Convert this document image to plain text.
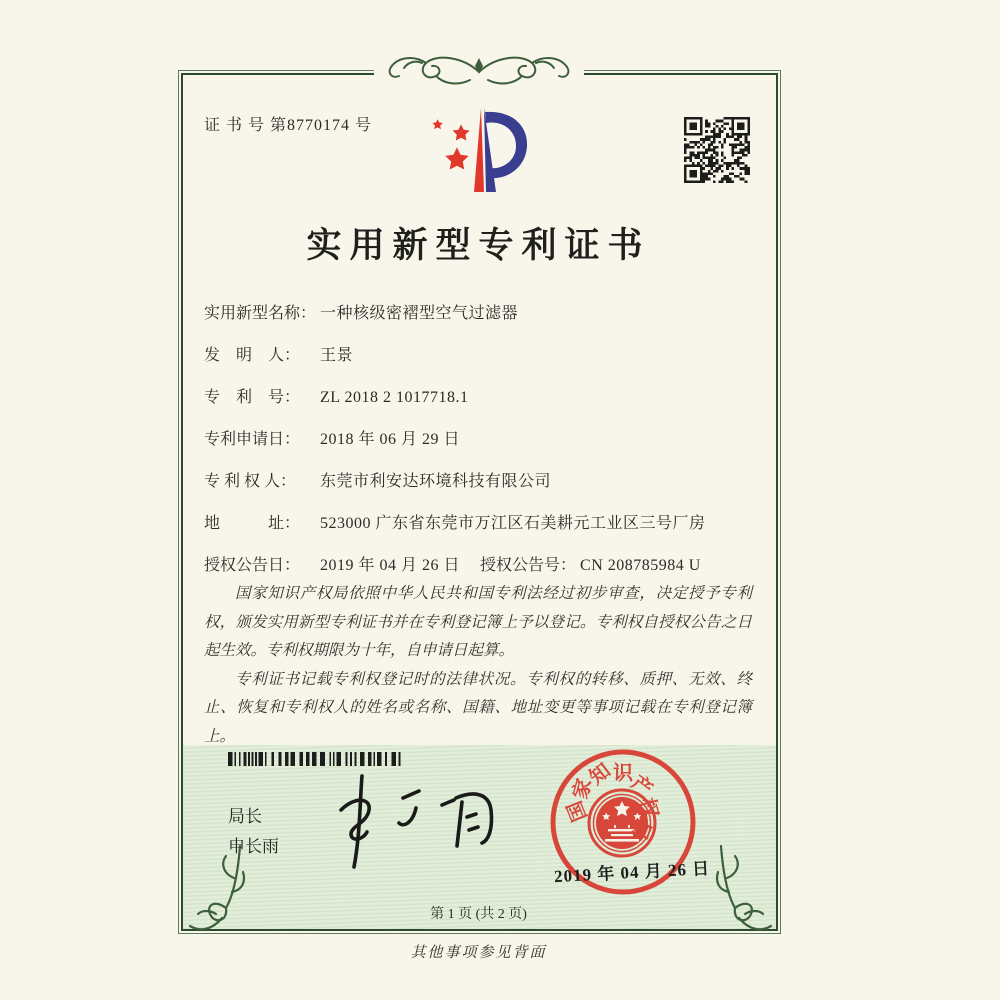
证 书 号 第8770174 号
实用新型专利证书
实用新型名称： 一种核级密褶型空气过滤器
发　明　人： 王景
专　利　号： ZL 2018 2 1017718.1
专利申请日： 2018 年 06 月 29 日
专 利 权 人： 东莞市利安达环境科技有限公司
地　　　址： 523000 广东省东莞市万江区石美耕元工业区三号厂房
授权公告日： 2019 年 04 月 26 日 授权公告号： CN 208785984 U

国家知识产权局依照中华人民共和国专利法经过初步审查，决定授予专利权，颁发实用新型专利证书并在专利登记簿上予以登记。专利权自授权公告之日起生效。专利权期限为十年，自申请日起算。

专利证书记载专利权登记时的法律状况。专利权的转移、质押、无效、终止、恢复和专利权人的姓名或名称、国籍、地址变更等事项记载在专利登记簿上。

局长
申长雨
国
家
知
识
产
权
局
2019 年 04 月 26 日
第 1 页 (共 2 页)
其他事项参见背面
